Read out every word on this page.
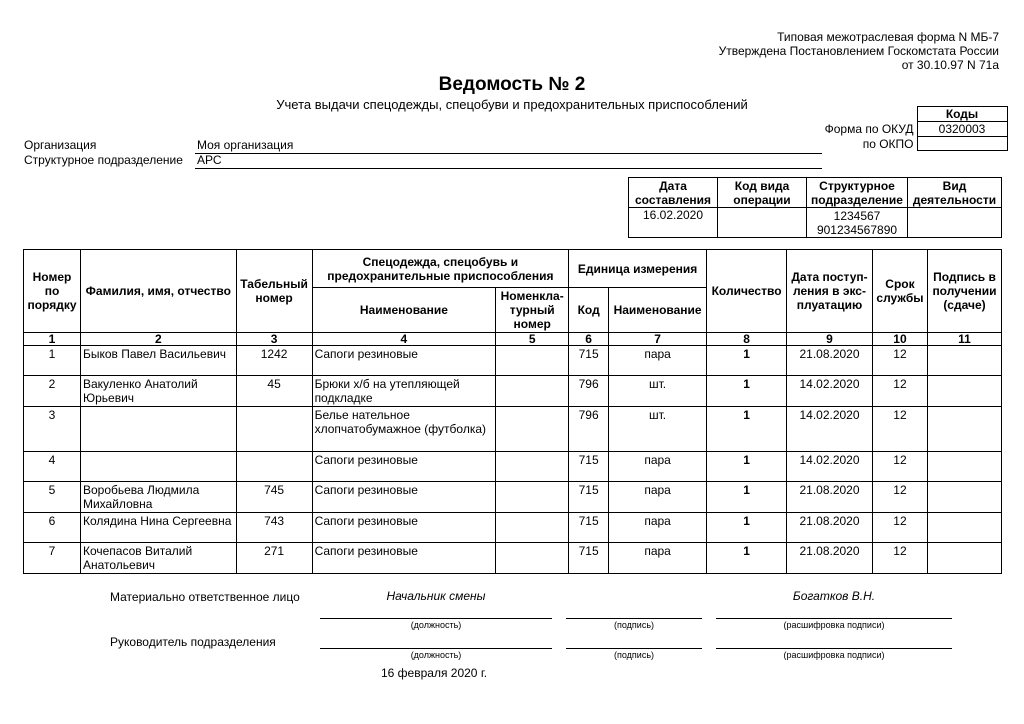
Типовая межотраслевая форма N МБ-7
Утверждена Постановлением Госкомстата России
от 30.10.97 N 71а
Ведомость № 2
Учета выдачи спецодежды, спецобуви и предохранительных приспособлений
	Коды
Форма по ОКУД	0320003
по ОКПО	
Организация	Моя организация
Структурное подразделение АРС
Дата составления	Код вида операции	Структурное подразделение	Вид деятельности
16.02.2020		1234567
901234567890	

Номер по порядку	Фамилия, имя, отчество	Табельный номер	Спецодежда, спецобувь и предохранительные приспособления		Единица измерения		Количество	Дата поступ-ления в экс-плуатацию	Срок службы	Подпись в получении (сдаче)
			Наименование	Номенкла-турный номер	Код	Наименование				
1	2	3	4	5	6	7	8	9	10	11
1	Быков Павел Васильевич	1242	Сапоги резиновые		715	пара	1	21.08.2020	12	
2	Вакуленко Анатолий Юрьевич	45	Брюки х/б на утепляющей подкладке		796	шт.	1	14.02.2020	12	
3			Белье нательное хлопчатобумажное (футболка)		796	шт.	1	14.02.2020	12	
4			Сапоги резиновые		715	пара	1	14.02.2020	12	
5	Воробьева Людмила Михайловна	745	Сапоги резиновые		715	пара	1	21.08.2020	12	
6	Колядина Нина Сергеевна	743	Сапоги резиновые		715	пара	1	21.08.2020	12	
7	Кочепасов Виталий Анатольевич	271	Сапоги резиновые		715	пара	1	21.08.2020	12	
Материально ответственное лицо	Начальник смены	Богатков В.Н.
(должность)	(подпись)	(расшифровка подписи)
Руководитель подразделения
(должность)	(подпись)	(расшифровка подписи)
16 февраля 2020 г.
